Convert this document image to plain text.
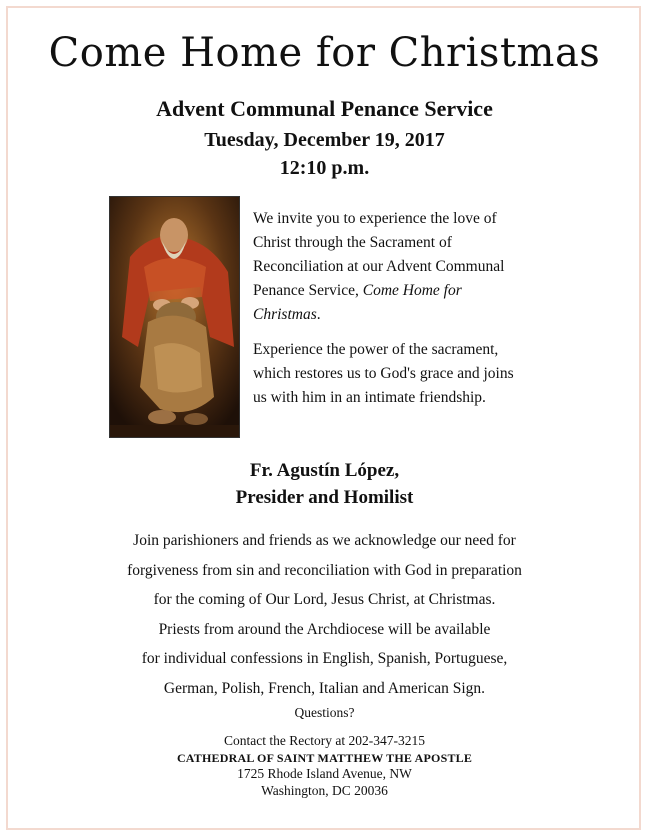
Come Home for Christmas
Advent Communal Penance Service
Tuesday, December 19, 2017
12:10 p.m.

We invite you to experience the love of Christ through the Sacrament of Reconciliation at our Advent Communal Penance Service, Come Home for Christmas.

Experience the power of the sacrament, which restores us to God's grace and joins us with him in an intimate friendship.

Fr. Agustín López,
Presider and Homilist
Join parishioners and friends as we acknowledge our need for
forgiveness from sin and reconciliation with God in preparation
for the coming of Our Lord, Jesus Christ, at Christmas.
Priests from around the Archdiocese will be available
for individual confessions in English, Spanish, Portuguese,
German, Polish, French, Italian and American Sign.
Questions?
Contact the Rectory at 202-347-3215
CATHEDRAL OF SAINT MATTHEW THE APOSTLE
1725 Rhode Island Avenue, NW
Washington, DC 20036
